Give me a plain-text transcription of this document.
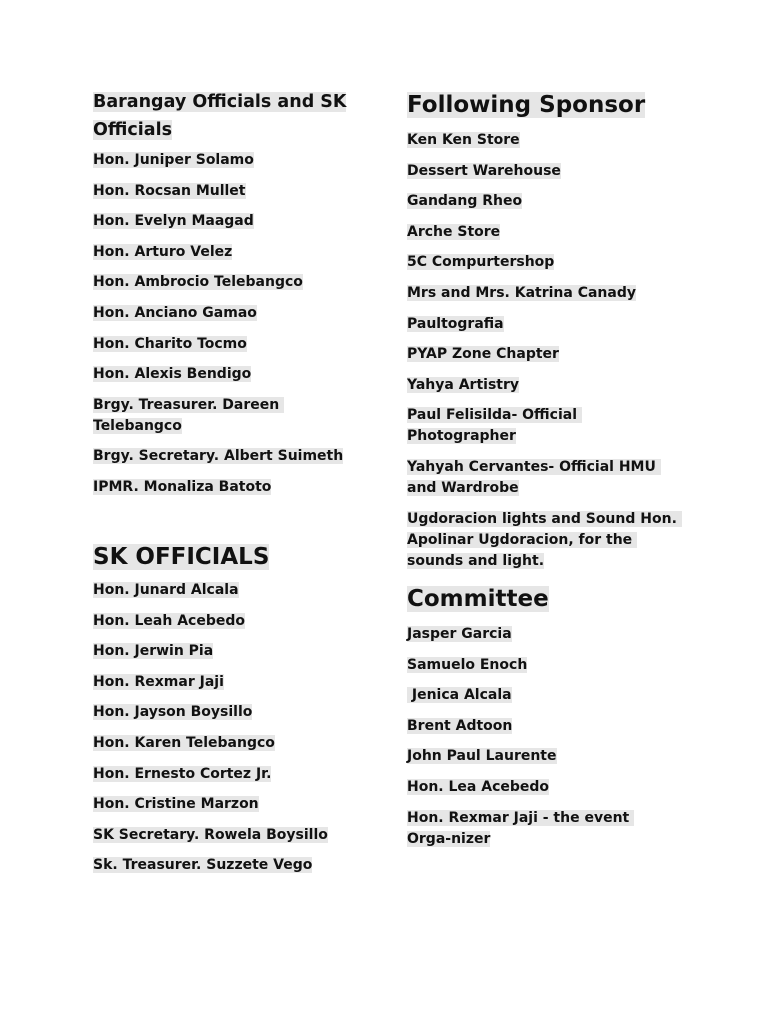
Barangay Officials and SK Officials
Hon. Juniper Solamo
Hon. Rocsan Mullet
Hon. Evelyn Maagad
Hon. Arturo Velez
Hon. Ambrocio Telebangco
Hon. Anciano Gamao
Hon. Charito Tocmo
Hon. Alexis Bendigo
Brgy. Treasurer. Dareen Telebangco
Brgy. Secretary. Albert Suimeth
IPMR. Monaliza Batoto
SK OFFICIALS
Hon. Junard Alcala
Hon. Leah Acebedo
Hon. Jerwin Pia
Hon. Rexmar Jaji
Hon. Jayson Boysillo
Hon. Karen Telebangco
Hon. Ernesto Cortez Jr.
Hon. Cristine Marzon
SK Secretary. Rowela Boysillo
Sk. Treasurer. Suzzete Vego
Following Sponsor
Ken Ken Store
Dessert Warehouse
Gandang Rheo
Arche Store
5C Compurtershop
Mrs and Mrs. Katrina Canady
Paultografia
PYAP Zone Chapter
Yahya Artistry
Paul Felisilda- Official Photographer
Yahyah Cervantes- Official HMU and Wardrobe
Ugdoracion lights and Sound Hon. Apolinar Ugdoracion, for the sounds and light.
Committee
Jasper Garcia
Samuelo Enoch
Jenica Alcala
Brent Adtoon
John Paul Laurente
Hon. Lea Acebedo
Hon. Rexmar Jaji - the event Orga-nizer
